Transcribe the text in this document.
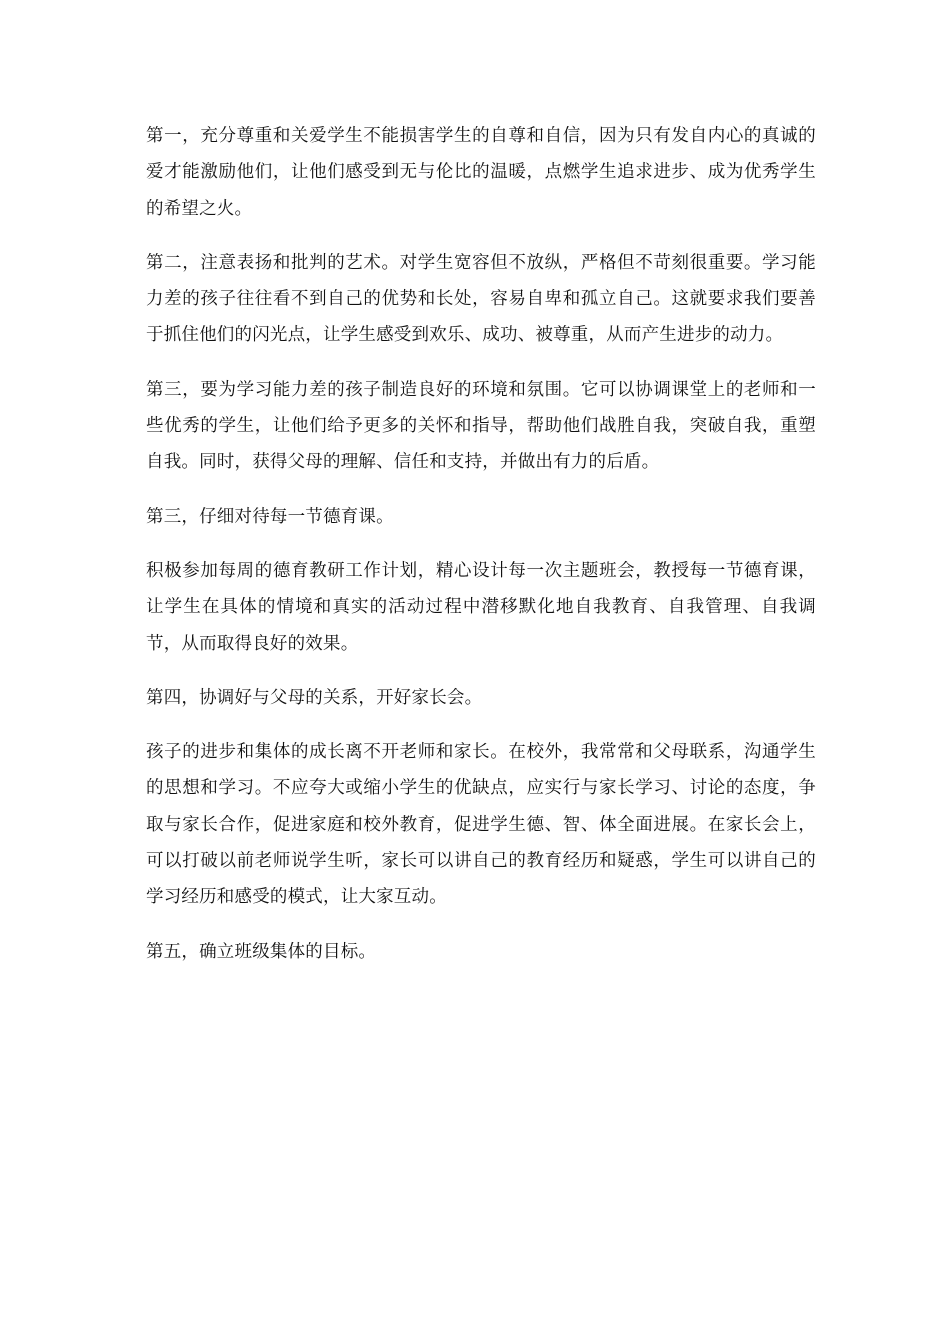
第一，充分尊重和关爱学生不能损害学生的自尊和自信，因为只有发自内心的真诚的爱才能激励他们，让他们感受到无与伦比的温暖，点燃学生追求进步、成为优秀学生的希望之火。

第二，注意表扬和批判的艺术。对学生宽容但不放纵，严格但不苛刻很重要。学习能力差的孩子往往看不到自己的优势和长处，容易自卑和孤立自己。这就要求我们要善于抓住他们的闪光点，让学生感受到欢乐、成功、被尊重，从而产生进步的动力。

第三，要为学习能力差的孩子制造良好的环境和氛围。它可以协调课堂上的老师和一些优秀的学生，让他们给予更多的关怀和指导，帮助他们战胜自我，突破自我，重塑自我。同时，获得父母的理解、信任和支持，并做出有力的后盾。

第三，仔细对待每一节德育课。

积极参加每周的德育教研工作计划，精心设计每一次主题班会，教授每一节德育课，让学生在具体的情境和真实的活动过程中潜移默化地自我教育、自我管理、自我调节，从而取得良好的效果。

第四，协调好与父母的关系，开好家长会。

孩子的进步和集体的成长离不开老师和家长。在校外，我常常和父母联系，沟通学生的思想和学习。不应夸大或缩小学生的优缺点，应实行与家长学习、讨论的态度，争取与家长合作，促进家庭和校外教育，促进学生德、智、体全面进展。在家长会上，可以打破以前老师说学生听，家长可以讲自己的教育经历和疑惑，学生可以讲自己的学习经历和感受的模式，让大家互动。

第五，确立班级集体的目标。
